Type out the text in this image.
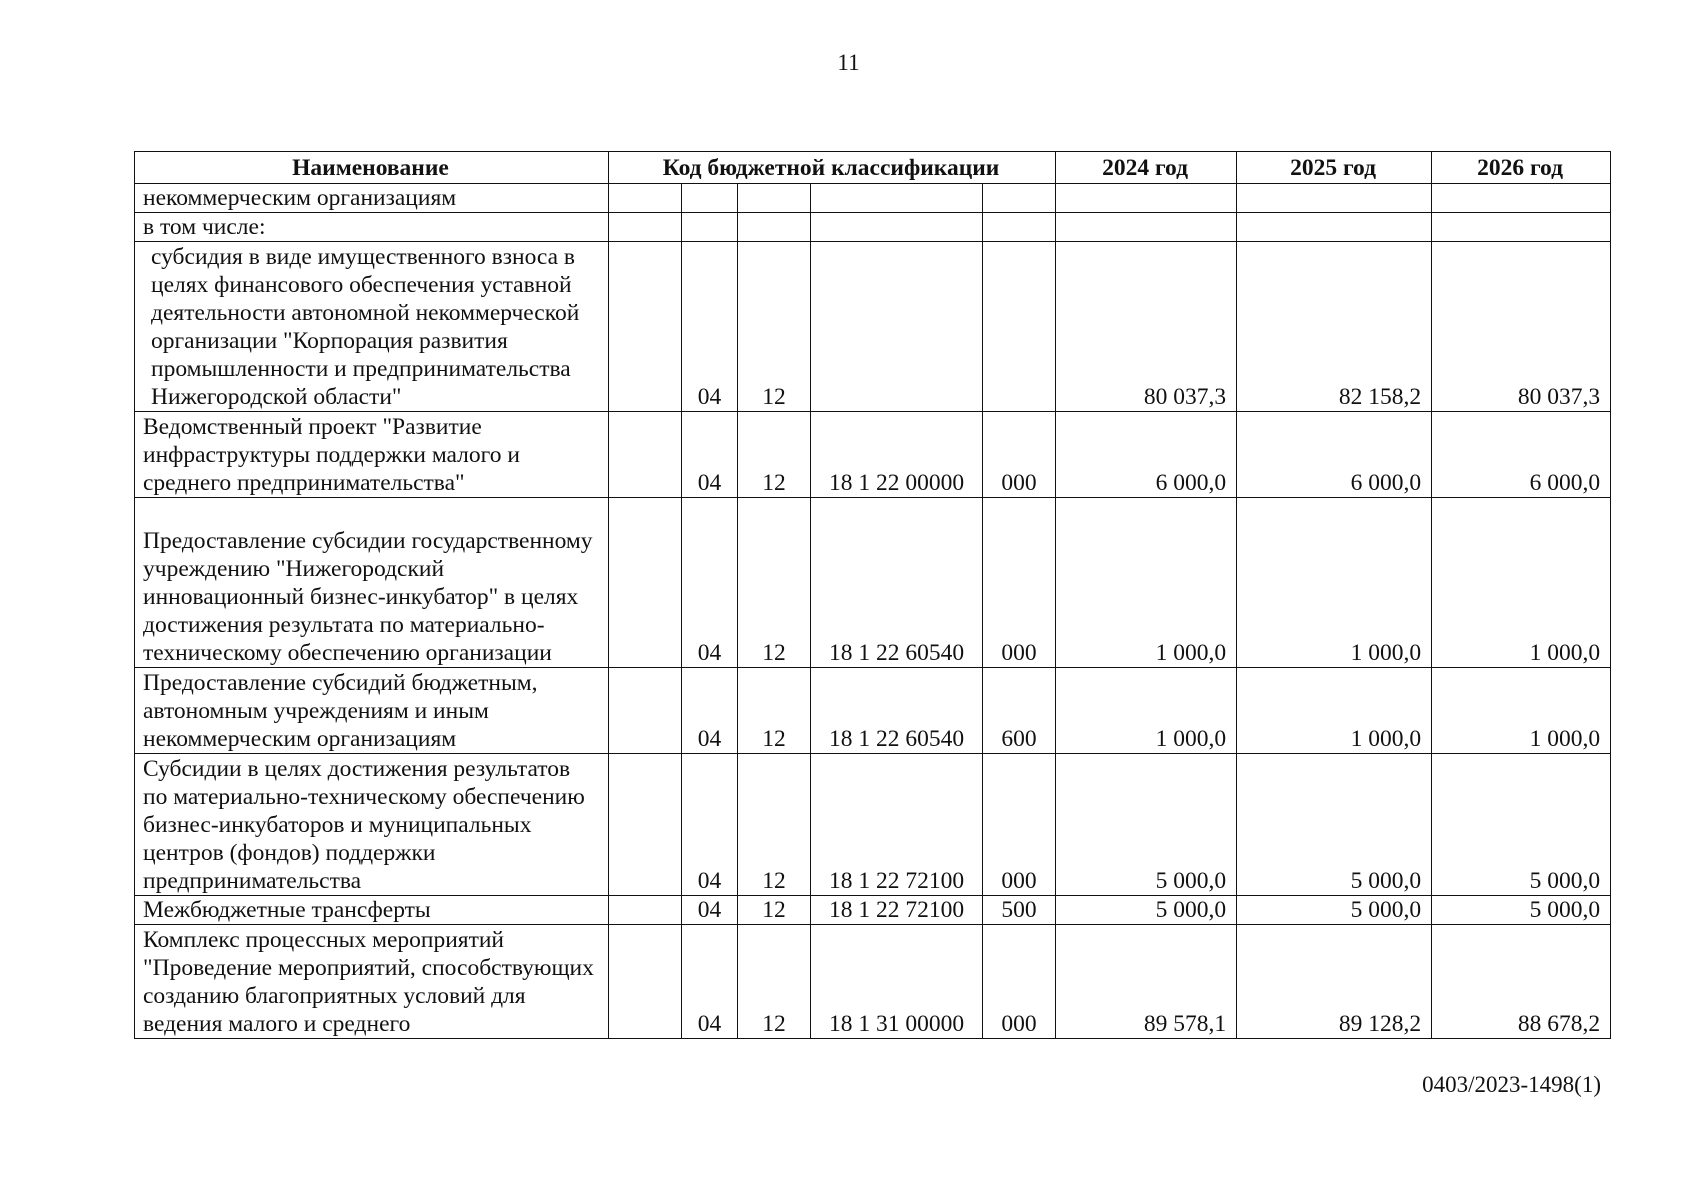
11
Наименование	Код бюджетной классификации					2024 год	2025 год	2026 год
некоммерческим организациям								
в том числе:								
субсидия в виде имущественного взноса в целях финансового обеспечения уставной деятельности автономной некоммерческой организации "Корпорация развития промышленности и предпринимательства Нижегородской области"		04	12			80 037,3	82 158,2	80 037,3
Ведомственный проект "Развитие инфраструктуры поддержки малого и среднего предпринимательства"		04	12	18 1 22 00000	000	6 000,0	6 000,0	6 000,0
Предоставление субсидии государственному учреждению "Нижегородский инновационный бизнес-инкубатор" в целях достижения результата по материально-техническому обеспечению организации		04	12	18 1 22 60540	000	1 000,0	1 000,0	1 000,0
Предоставление субсидий бюджетным, автономным учреждениям и иным некоммерческим организациям		04	12	18 1 22 60540	600	1 000,0	1 000,0	1 000,0
Субсидии в целях достижения результатов по материально-техническому обеспечению бизнес-инкубаторов и муниципальных центров (фондов) поддержки предпринимательства		04	12	18 1 22 72100	000	5 000,0	5 000,0	5 000,0
Межбюджетные трансферты		04	12	18 1 22 72100	500	5 000,0	5 000,0	5 000,0
Комплекс процессных мероприятий "Проведение мероприятий, способствующих созданию благоприятных условий для ведения малого и среднего		04	12	18 1 31 00000	000	89 578,1	89 128,2	88 678,2
0403/2023-1498(1)
